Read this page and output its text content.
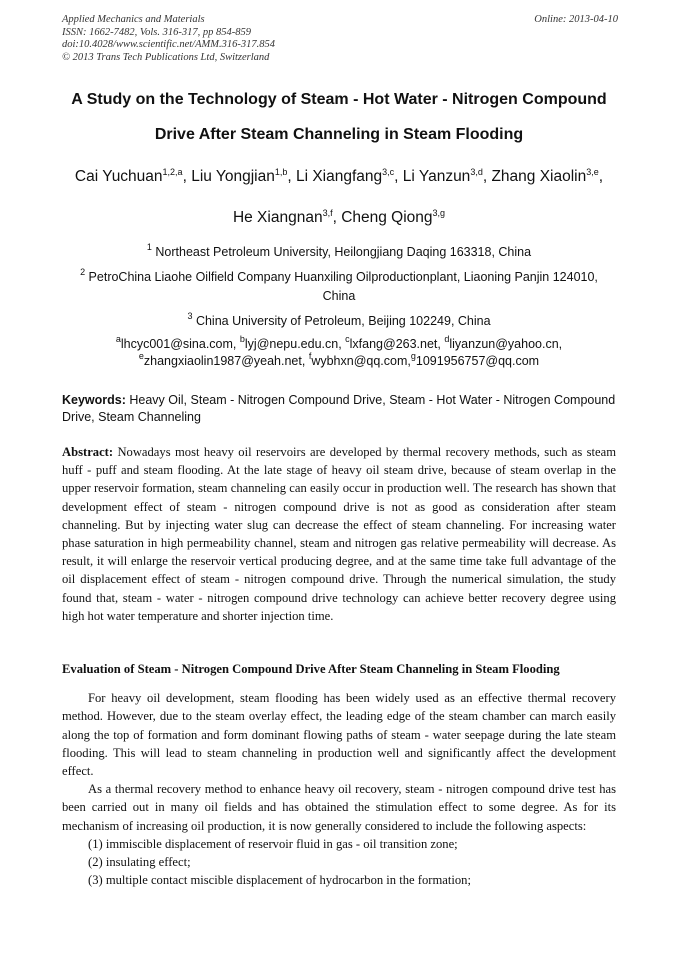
Applied Mechanics and Materials
ISSN: 1662-7482, Vols. 316-317, pp 854-859
doi:10.4028/www.scientific.net/AMM.316-317.854
© 2013 Trans Tech Publications Ltd, Switzerland
Online: 2013-04-10
A Study on the Technology of Steam - Hot Water - Nitrogen Compound
Drive After Steam Channeling in Steam Flooding
Cai Yuchuan$^{1,2,a}$, Liu Yongjian$^{1,b}$, Li Xiangfang$^{3,c}$, Li Yanzun$^{3,d}$, Zhang Xiaolin$^{3,e}$,
He Xiangnan$^{3,f}$, Cheng Qiong$^{3,g}$
$^1$ Northeast Petroleum University, Heilongjiang Daqing 163318, China
$^2$ PetroChina Liaohe Oilfield Company Huanxiling Oilproductionplant, Liaoning Panjin 124010, China
$^3$ China University of Petroleum, Beijing 102249, China
$^a$lhcyc001@sina.com, $^b$lyj@nepu.edu.cn, $^c$lxfang@263.net, $^d$liyanzun@yahoo.cn,
$^e$zhangxiaolin1987@yeah.net, $^f$wybhxn@qq.com,$^g$1091956757@qq.com
Keywords: Heavy Oil, Steam - Nitrogen Compound Drive, Steam - Hot Water - Nitrogen Compound Drive, Steam Channeling

Abstract: Nowadays most heavy oil reservoirs are developed by thermal recovery methods, such as steam huff - puff and steam flooding. At the late stage of heavy oil steam drive, because of steam overlap in the upper reservoir formation, steam channeling can easily occur in production well. The research has shown that development effect of steam - nitrogen compound drive is not as good as consideration after steam channeling. But by injecting water slug can decrease the effect of steam channeling. For increasing water phase saturation in high permeability channel, steam and nitrogen gas relative permeability will decrease. As result, it will enlarge the reservoir vertical producing degree, and at the same time take full advantage of the oil displacement effect of steam - nitrogen compound drive. Through the numerical simulation, the study found that, steam - water - nitrogen compound drive technology can achieve better recovery degree using high hot water temperature and shorter injection time.

Evaluation of Steam - Nitrogen Compound Drive After Steam Channeling in Steam Flooding

For heavy oil development, steam flooding has been widely used as an effective thermal recovery method. However, due to the steam overlay effect, the leading edge of the steam chamber can march easily along the top of formation and form dominant flowing paths of steam - water seepage during the late steam flooding. This will lead to steam channeling in production well and significantly affect the development effect.

As a thermal recovery method to enhance heavy oil recovery, steam - nitrogen compound drive test has been carried out in many oil fields and has obtained the stimulation effect to some degree. As for its mechanism of increasing oil production, it is now generally considered to include the following aspects:

(1) immiscible displacement of reservoir fluid in gas - oil transition zone;

(2) insulating effect;

(3) multiple contact miscible displacement of hydrocarbon in the formation;
